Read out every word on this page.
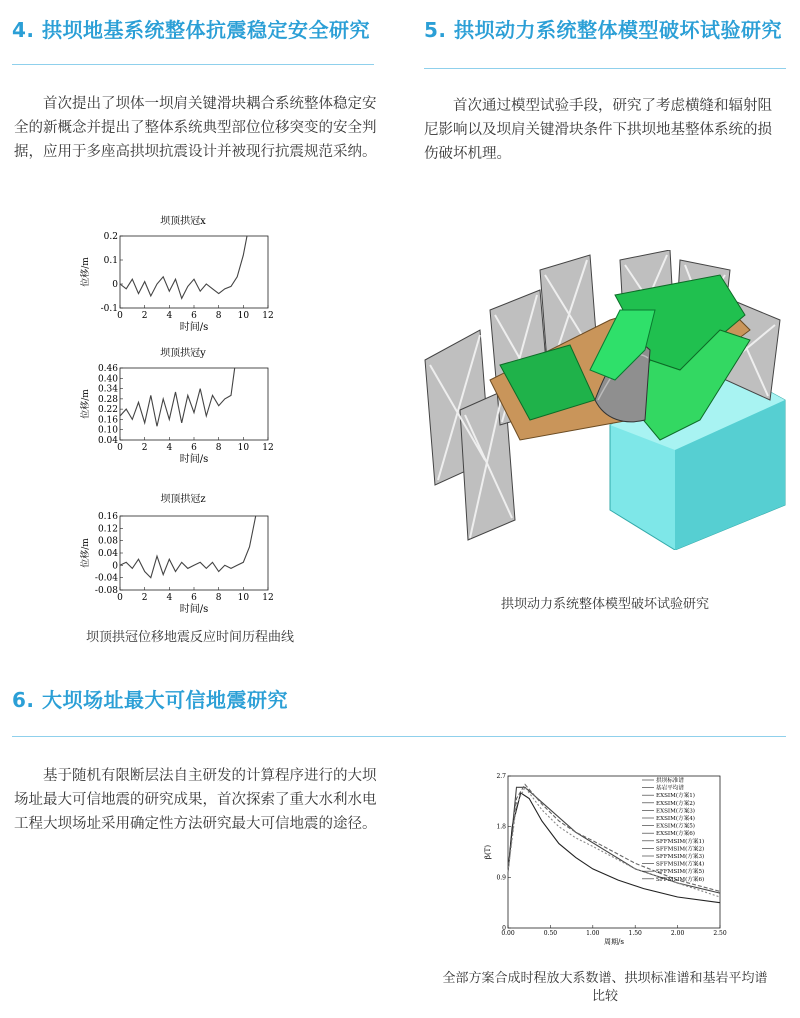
4. 拱坝地基系统整体抗震稳定安全研究
首次提出了坝体一坝肩关键滑块耦合系统整体稳定安全的新概念并提出了整体系统典型部位位移突变的安全判据，应用于多座高拱坝抗震设计并被现行抗震规范采纳。
5. 拱坝动力系统整体模型破坏试验研究
首次通过模型试验手段，研究了考虑横缝和辐射阻尼影响以及坝肩关键滑块条件下拱坝地基整体系统的损伤破坏机理。
坝顶拱冠x
0 2 4 6 8 10 12
-0.1
0
0.1
0.2
时间/s
位移/m
坝顶拱冠y
0 2 4 6 8 10 12
0.04
0.10
0.16
0.22
0.28
0.34
0.40
0.46
时间/s
位移/m
坝顶拱冠z
0 2 4 6 8 10 12
-0.08
-0.04
0
0.04
0.08
0.12
0.16
时间/s
位移/m
坝顶拱冠位移地震反应时间历程曲线
拱坝动力系统整体模型破坏试验研究
6. 大坝场址最大可信地震研究
基于随机有限断层法自主研发的计算程序进行的大坝场址最大可信地震的研究成果，首次探索了重大水利水电工程大坝场址采用确定性方法研究最大可信地震的途径。
0.00	0.50	1.00	1.50	2.00	2.50
0
0.9
1.8
2.7
周期/s
β(T)
拱坝标准谱
基岩平均谱
EXSIM(方案1)
EXSIM(方案2)
EXSIM(方案3)
EXSIM(方案4)
EXSIM(方案5)
EXSIM(方案6)
SFFMSIM(方案1)
SFFMSIM(方案2)
SFFMSIM(方案3)
SFFMSIM(方案4)
SFFMSIM(方案5)
SFFMSIM(方案6)
全部方案合成时程放大系数谱、拱坝标准谱和基岩平均谱比较
